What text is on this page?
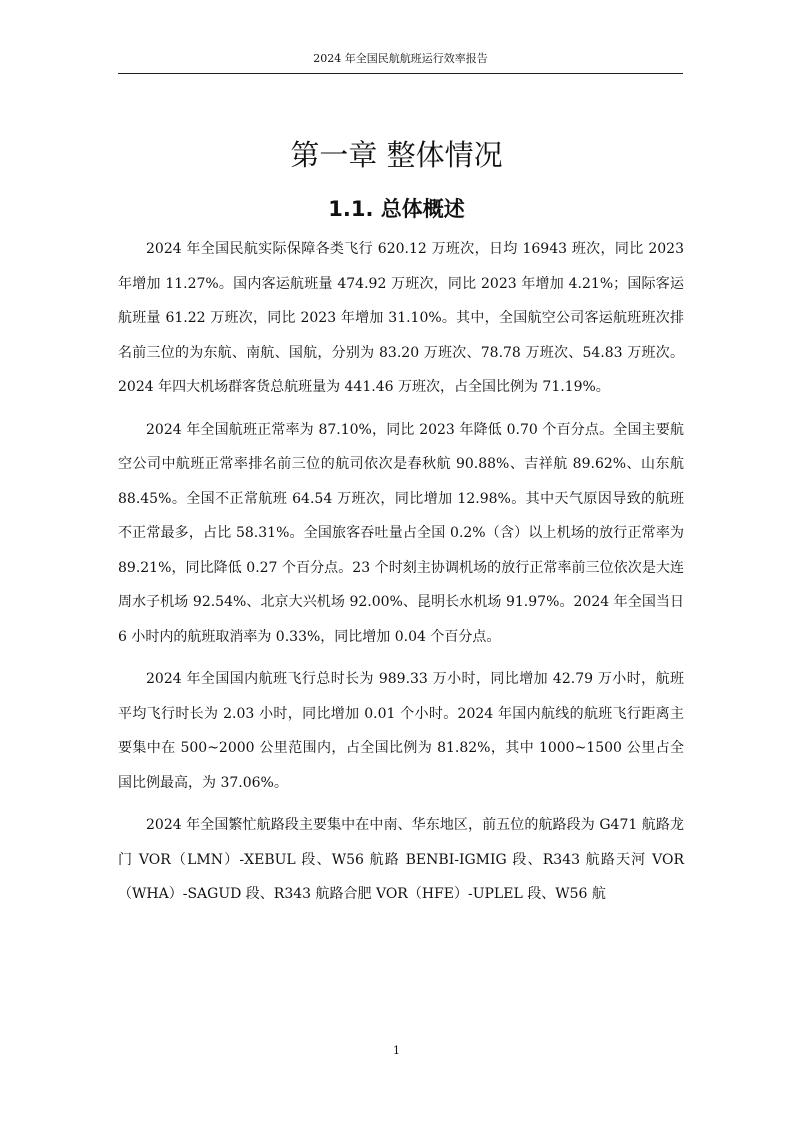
2024 年全国民航航班运行效率报告
第一章 整体情况
1.1. 总体概述

2024 年全国民航实际保障各类飞行 620.12 万班次，日均 16943 班次，同比 2023 年增加 11.27%。国内客运航班量 474.92 万班次，同比 2023 年增加 4.21%；国际客运航班量 61.22 万班次，同比 2023 年增加 31.10%。其中，全国航空公司客运航班班次排名前三位的为东航、南航、国航，分别为 83.20 万班次、78.78 万班次、54.83 万班次。2024 年四大机场群客货总航班量为 441.46 万班次，占全国比例为 71.19%。

2024 年全国航班正常率为 87.10%，同比 2023 年降低 0.70 个百分点。全国主要航空公司中航班正常率排名前三位的航司依次是春秋航 90.88%、吉祥航 89.62%、山东航 88.45%。全国不正常航班 64.54 万班次，同比增加 12.98%。其中天气原因导致的航班不正常最多，占比 58.31%。全国旅客吞吐量占全国 0.2%（含）以上机场的放行正常率为 89.21%，同比降低 0.27 个百分点。23 个时刻主协调机场的放行正常率前三位依次是大连周水子机场 92.54%、北京大兴机场 92.00%、昆明长水机场 91.97%。2024 年全国当日 6 小时内的航班取消率为 0.33%，同比增加 0.04 个百分点。

2024 年全国国内航班飞行总时长为 989.33 万小时，同比增加 42.79 万小时，航班平均飞行时长为 2.03 小时，同比增加 0.01 个小时。2024 年国内航线的航班飞行距离主要集中在 500~2000 公里范围内，占全国比例为 81.82%，其中 1000~1500 公里占全国比例最高，为 37.06%。

2024 年全国繁忙航路段主要集中在中南、华东地区，前五位的航路段为 G471 航路龙门 VOR（LMN）-XEBUL 段、W56 航路 BENBI-IGMIG 段、R343 航路天河 VOR（WHA）-SAGUD 段、R343 航路合肥 VOR（HFE）-UPLEL 段、W56 航

1
